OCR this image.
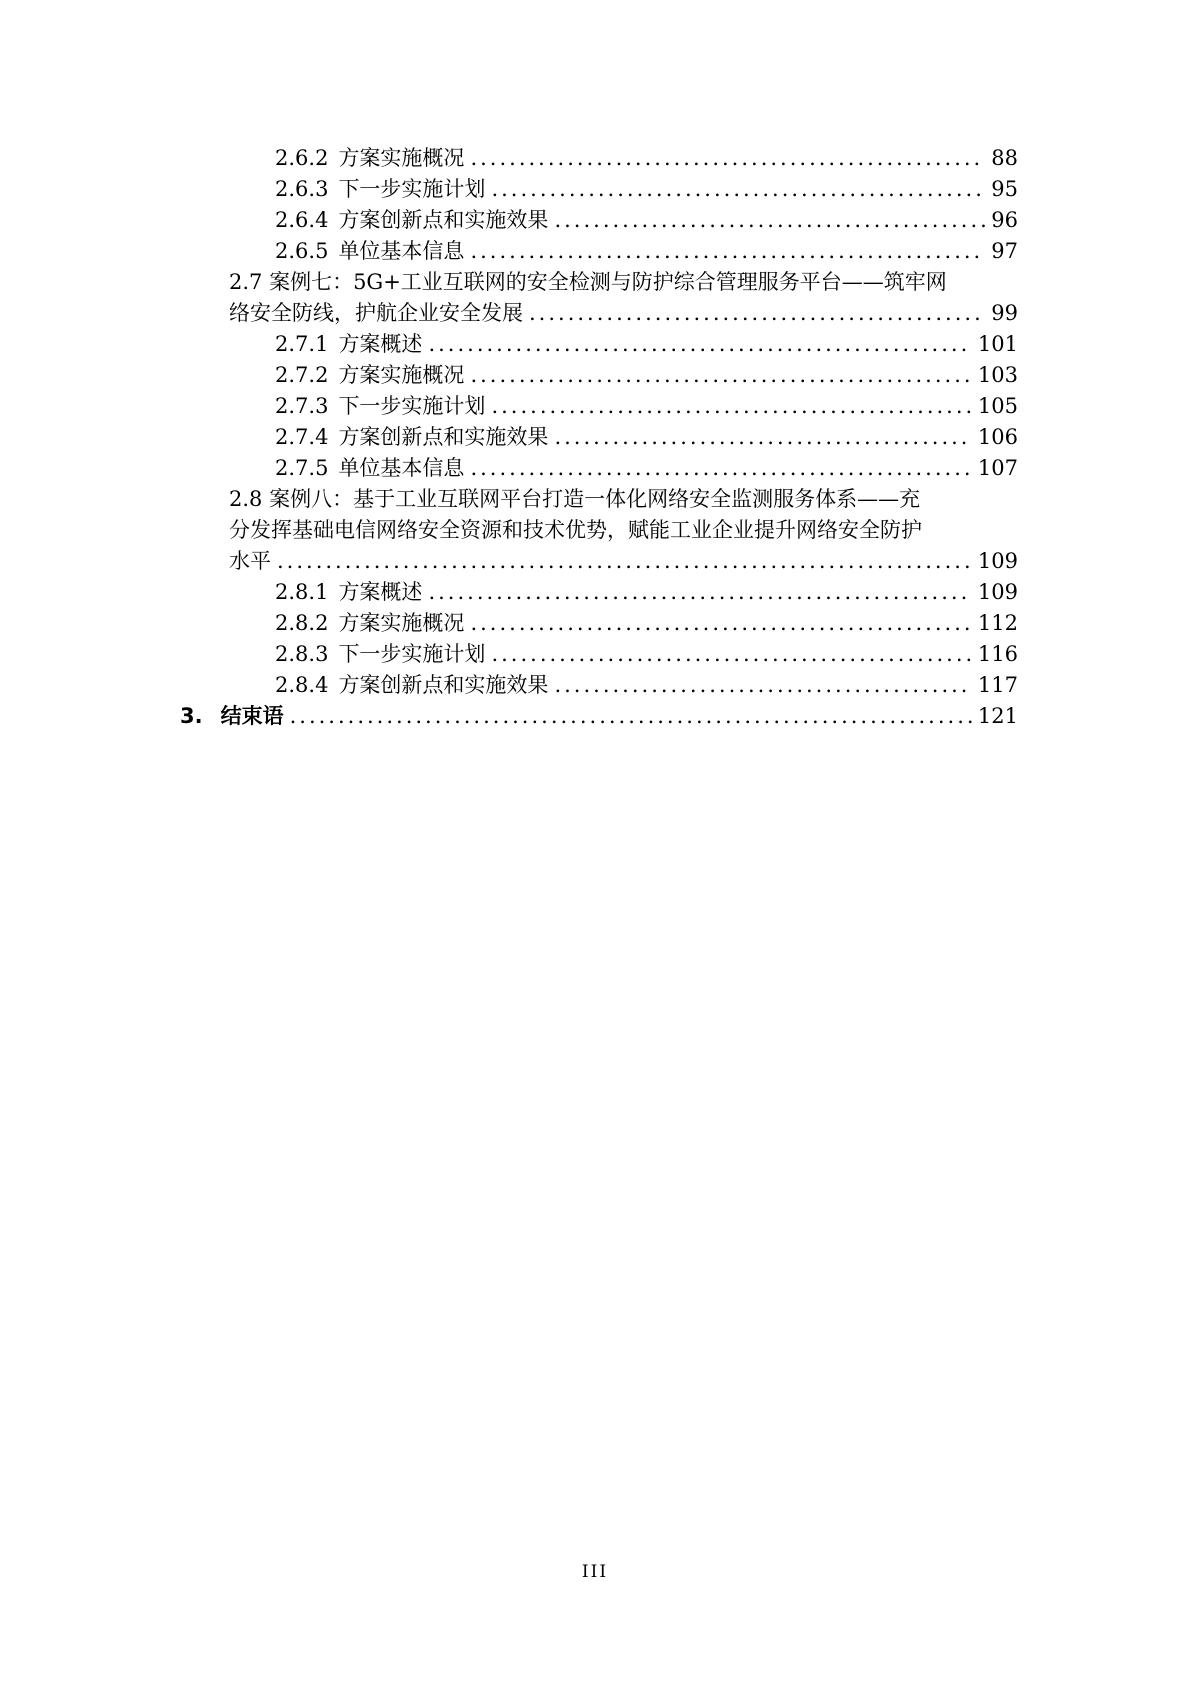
2.6.2 方案实施概况 .....	88
2.6.3 下一步实施计划 .....	95
2.6.4 方案创新点和实施效果 .....	96
2.6.5 单位基本信息 .....	97
2.7 案例七：5G+工业互联网的安全检测与防护综合管理服务平台——筑牢网
络安全防线，护航企业安全发展 .....	99
2.7.1 方案概述 .....	101
2.7.2 方案实施概况 .....	103
2.7.3 下一步实施计划 .....	105
2.7.4 方案创新点和实施效果 .....	106
2.7.5 单位基本信息 .....	107
2.8 案例八：基于工业互联网平台打造一体化网络安全监测服务体系——充
分发挥基础电信网络安全资源和技术优势，赋能工业企业提升网络安全防护
水平 .....	109
2.8.1 方案概述 .....	109
2.8.2 方案实施概况 .....	112
2.8.3 下一步实施计划 .....	116
2.8.4 方案创新点和实施效果 .....	117
3. 结束语 .....	121
III
